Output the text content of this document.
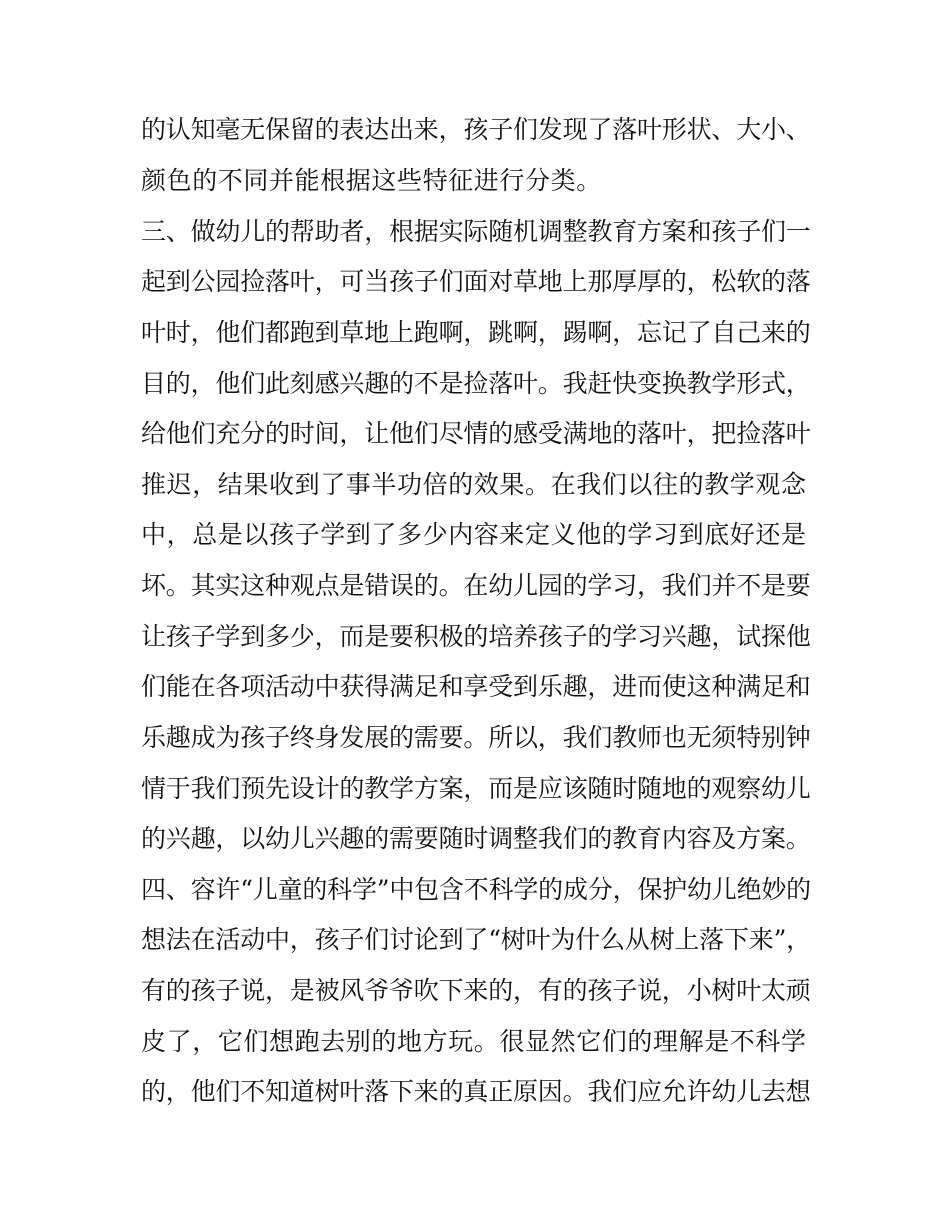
的认知毫无保留的表达出来，孩子们发现了落叶形状、大小、

颜色的不同并能根据这些特征进行分类。

三、做幼儿的帮助者，根据实际随机调整教育方案和孩子们一

起到公园捡落叶，可当孩子们面对草地上那厚厚的，松软的落

叶时，他们都跑到草地上跑啊，跳啊，踢啊，忘记了自己来的

目的，他们此刻感兴趣的不是捡落叶。我赶快变换教学形式，

给他们充分的时间，让他们尽情的感受满地的落叶，把捡落叶

推迟，结果收到了事半功倍的效果。在我们以往的教学观念

中，总是以孩子学到了多少内容来定义他的学习到底好还是

坏。其实这种观点是错误的。在幼儿园的学习，我们并不是要

让孩子学到多少，而是要积极的培养孩子的学习兴趣，试探他

们能在各项活动中获得满足和享受到乐趣，进而使这种满足和

乐趣成为孩子终身发展的需要。所以，我们教师也无须特别钟

情于我们预先设计的教学方案，而是应该随时随地的观察幼儿

的兴趣，以幼儿兴趣的需要随时调整我们的教育内容及方案。

四、容许“儿童的科学”中包含不科学的成分，保护幼儿绝妙的

想法在活动中，孩子们讨论到了“树叶为什么从树上落下来”，

有的孩子说，是被风爷爷吹下来的，有的孩子说，小树叶太顽

皮了，它们想跑去别的地方玩。很显然它们的理解是不科学

的，他们不知道树叶落下来的真正原因。我们应允许幼儿去想
